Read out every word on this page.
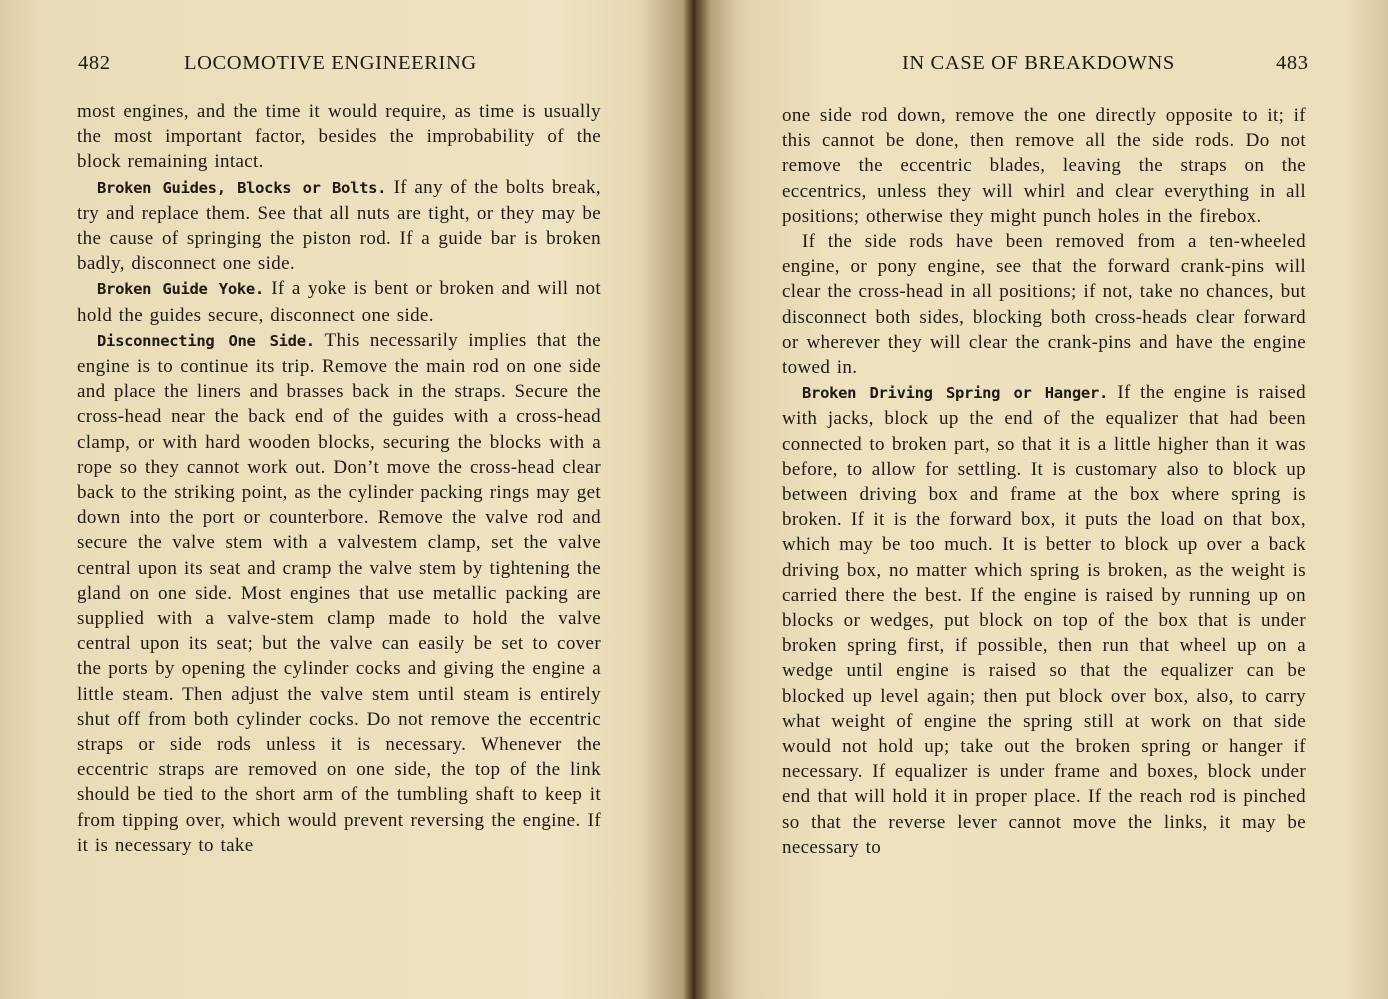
482	LOCOMOTIVE ENGINEERING

most engines, and the time it would require, as time is usually the most important factor, besides the improbability of the block remaining intact.

Broken Guides, Blocks or Bolts. If any of the bolts break, try and replace them. See that all nuts are tight, or they may be the cause of springing the piston rod. If a guide bar is broken badly, disconnect one side.

Broken Guide Yoke. If a yoke is bent or broken and will not hold the guides secure, disconnect one side.

Disconnecting One Side. This necessarily implies that the engine is to continue its trip. Remove the main rod on one side and place the liners and brasses back in the straps. Secure the cross-head near the back end of the guides with a cross-head clamp, or with hard wooden blocks, securing the blocks with a rope so they cannot work out. Don’t move the cross-head clear back to the striking point, as the cylinder packing rings may get down into the port or counterbore. Remove the valve rod and secure the valve stem with a valvestem clamp, set the valve central upon its seat and cramp the valve stem by tightening the gland on one side. Most engines that use metallic packing are supplied with a valve-stem clamp made to hold the valve central upon its seat; but the valve can easily be set to cover the ports by opening the cylinder cocks and giving the engine a little steam. Then adjust the valve stem until steam is entirely shut off from both cylinder cocks. Do not remove the eccentric straps or side rods unless it is necessary. Whenever the eccentric straps are removed on one side, the top of the link should be tied to the short arm of the tumbling shaft to keep it from tipping over, which would prevent reversing the engine. If it is necessary to take

IN CASE OF BREAKDOWNS	483

one side rod down, remove the one directly opposite to it; if this cannot be done, then remove all the side rods. Do not remove the eccentric blades, leaving the straps on the eccentrics, unless they will whirl and clear everything in all positions; otherwise they might punch holes in the firebox.

If the side rods have been removed from a ten-wheeled engine, or pony engine, see that the forward crank-pins will clear the cross-head in all positions; if not, take no chances, but disconnect both sides, blocking both cross-heads clear forward or wherever they will clear the crank-pins and have the engine towed in.

Broken Driving Spring or Hanger. If the engine is raised with jacks, block up the end of the equalizer that had been connected to broken part, so that it is a little higher than it was before, to allow for settling. It is customary also to block up between driving box and frame at the box where spring is broken. If it is the forward box, it puts the load on that box, which may be too much. It is better to block up over a back driving box, no matter which spring is broken, as the weight is carried there the best. If the engine is raised by running up on blocks or wedges, put block on top of the box that is under broken spring first, if possible, then run that wheel up on a wedge until engine is raised so that the equalizer can be blocked up level again; then put block over box, also, to carry what weight of engine the spring still at work on that side would not hold up; take out the broken spring or hanger if necessary. If equalizer is under frame and boxes, block under end that will hold it in proper place. If the reach rod is pinched so that the reverse lever cannot move the links, it may be necessary to
